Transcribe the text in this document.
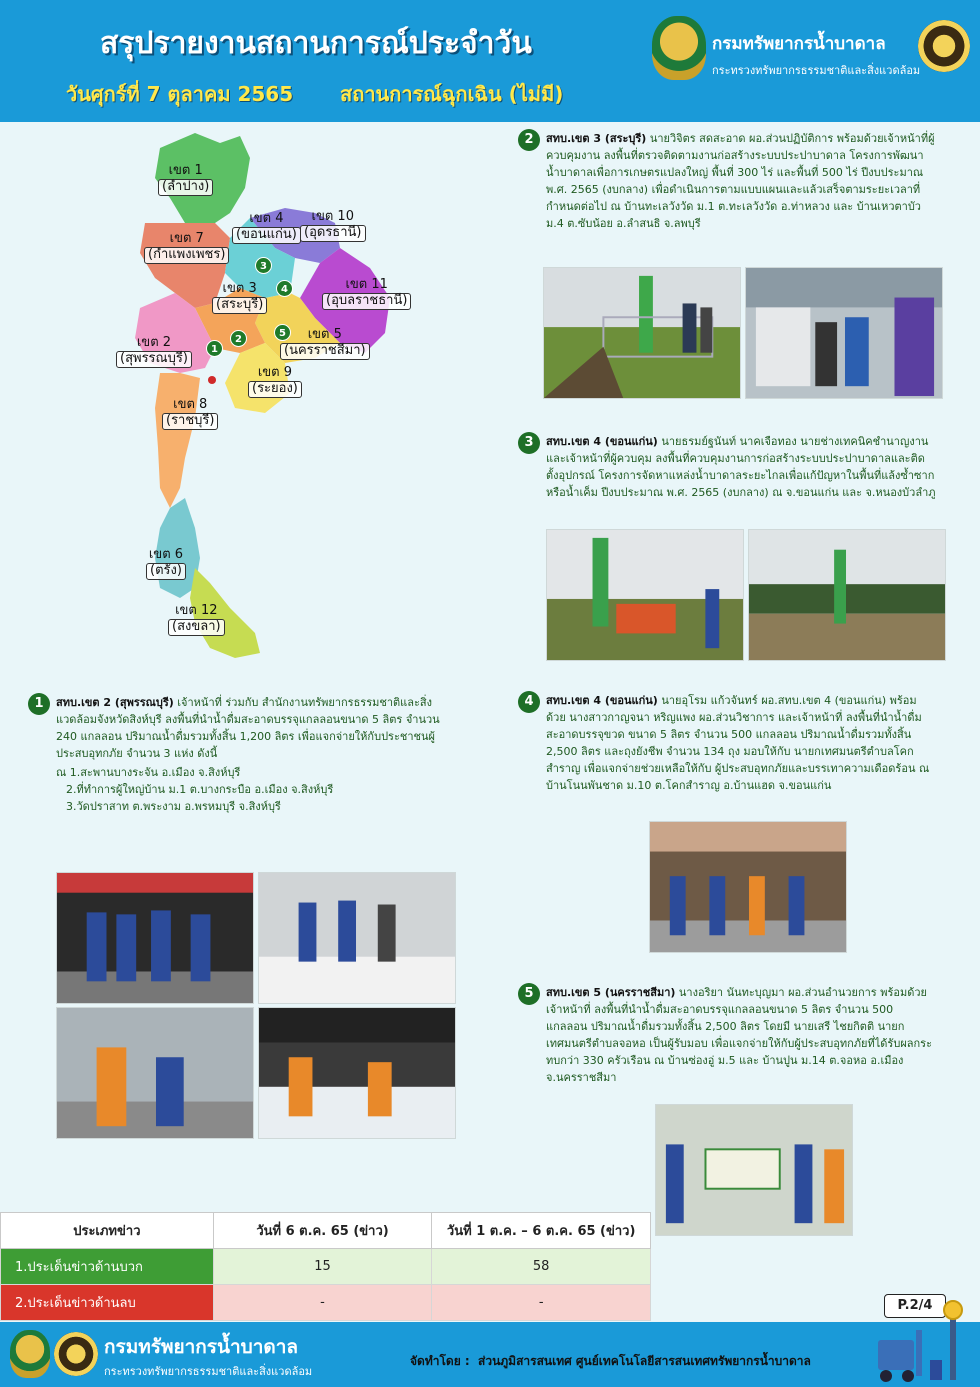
สรุปรายงานสถานการณ์ประจำวัน
วันศุกร์ที่ 7 ตุลาคม 2565 สถานการณ์ฉุกเฉิน (ไม่มี)
กรมทรัพยากรน้ำบาดาล
กระทรวงทรัพยากรธรรมชาติและสิ่งแวดล้อม
เขต 1
(ลำปาง)
เขต 4
(ขอนแก่น)
เขต 10
(อุดรธานี)
เขต 7
(กำแพงเพชร)
เขต 3
(สระบุรี)
เขต 11
(อุบลราชธานี)
เขต 2
(สุพรรณบุรี)
เขต 5
(นครราชสีมา)
เขต 9
(ระยอง)
เขต 8
(ราชบุรี)
เขต 6
(ตรัง)
เขต 12
(สงขลา)
1
2
3
4
5
1	สทบ.เขต 2 (สุพรรณบุรี) เจ้าหน้าที่ ร่วมกับ สำนักงานทรัพยากรธรรมชาติและสิ่งแวดล้อมจังหวัดสิงห์บุรี ลงพื้นที่นำน้ำดื่มสะอาดบรรจุแกลลอนขนาด 5 ลิตร จำนวน 240 แกลลอน ปริมาณน้ำดื่มรวมทั้งสิ้น 1,200 ลิตร เพื่อแจกจ่ายให้กับประชาชนผู้ประสบอุทกภัย จำนวน 3 แห่ง ดังนี้

ณ 1.สะพานบางระจัน อ.เมือง จ.สิงห์บุรี
2.ที่ทำการผู้ใหญ่บ้าน ม.1 ต.บางกระบือ อ.เมือง จ.สิงห์บุรี
3.วัดปราสาท ต.พระงาม อ.พรหมบุรี จ.สิงห์บุรี
2	สทบ.เขต 3 (สระบุรี) นายวิจิตร สดสะอาด ผอ.ส่วนปฏิบัติการ พร้อมด้วยเจ้าหน้าที่ผู้ควบคุมงาน ลงพื้นที่ตรวจติดตามงานก่อสร้างระบบประปาบาดาล โครงการพัฒนาน้ำบาดาลเพื่อการเกษตรแปลงใหญ่ พื้นที่ 300 ไร่ และพื้นที่ 500 ไร่ ปีงบประมาณ พ.ศ. 2565 (งบกลาง) เพื่อดำเนินการตามแบบแผนและแล้วเสร็จตามระยะเวลาที่กำหนดต่อไป ณ บ้านทะเลวังวัด ม.1 ต.ทะเลวังวัด อ.ท่าหลวง และ บ้านเหวตาบัว ม.4 ต.ซับน้อย อ.ลำสนธิ จ.ลพบุรี

3	สทบ.เขต 4 (ขอนแก่น) นายธรมย์ฐนันท์ นาคเจือทอง นายช่างเทคนิคชำนาญงาน และเจ้าหน้าที่ผู้ควบคุม ลงพื้นที่ควบคุมงานการก่อสร้างระบบประปาบาดาลและติดตั้งอุปกรณ์ โครงการจัดหาแหล่งน้ำบาดาลระยะไกลเพื่อแก้ปัญหาในพื้นที่แล้งซ้ำซากหรือน้ำเค็ม ปีงบประมาณ พ.ศ. 2565 (งบกลาง) ณ จ.ขอนแก่น และ จ.หนองบัวลำภู

4	สทบ.เขต 4 (ขอนแก่น) นายอุโรม แก้วจันทร์ ผอ.สทบ.เขต 4 (ขอนแก่น) พร้อมด้วย นางสาวกาญจนา หริญแพง ผอ.ส่วนวิชาการ และเจ้าหน้าที่ ลงพื้นที่นำน้ำดื่มสะอาดบรรจุขวด ขนาด 5 ลิตร จำนวน 500 แกลลอน ปริมาณน้ำดื่มรวมทั้งสิ้น 2,500 ลิตร และถุงยังชีพ จำนวน 134 ถุง มอบให้กับ นายกเทศมนตรีตำบลโคกสำราญ เพื่อแจกจ่ายช่วยเหลือให้กับ ผู้ประสบอุทกภัยและบรรเทาความเดือดร้อน ณ บ้านโนนพันชาด ม.10 ต.โคกสำราญ อ.บ้านแฮด จ.ขอนแก่น

5	สทบ.เขต 5 (นครราชสีมา) นางอริยา นันทะบุญมา ผอ.ส่วนอำนวยการ พร้อมด้วยเจ้าหน้าที่ ลงพื้นที่นำน้ำดื่มสะอาดบรรจุแกลลอนขนาด 5 ลิตร จำนวน 500 แกลลอน ปริมาณน้ำดื่มรวมทั้งสิ้น 2,500 ลิตร โดยมี นายเสรี ไชยกิตติ นายกเทศมนตรีตำบลจอหอ เป็นผู้รับมอบ เพื่อแจกจ่ายให้กับผู้ประสบอุทกภัยที่ได้รับผลกระทบกว่า 330 ครัวเรือน ณ บ้านซ่องอู่ ม.5 และ บ้านปูน ม.14 ต.จอหอ อ.เมือง จ.นครราชสีมา

ประเภทข่าว	วันที่ 6 ต.ค. 65 (ข่าว)	วันที่ 1 ต.ค. – 6 ต.ค. 65 (ข่าว)
1.ประเด็นข่าวด้านบวก	15	58
2.ประเด็นข่าวด้านลบ	-	-	P.2/4
กรมทรัพยากรน้ำบาดาล
กระทรวงทรัพยากรธรรมชาติและสิ่งแวดล้อม
จัดทำโดย : ส่วนภูมิสารสนเทศ ศูนย์เทคโนโลยีสารสนเทศทรัพยากรน้ำบาดาล
